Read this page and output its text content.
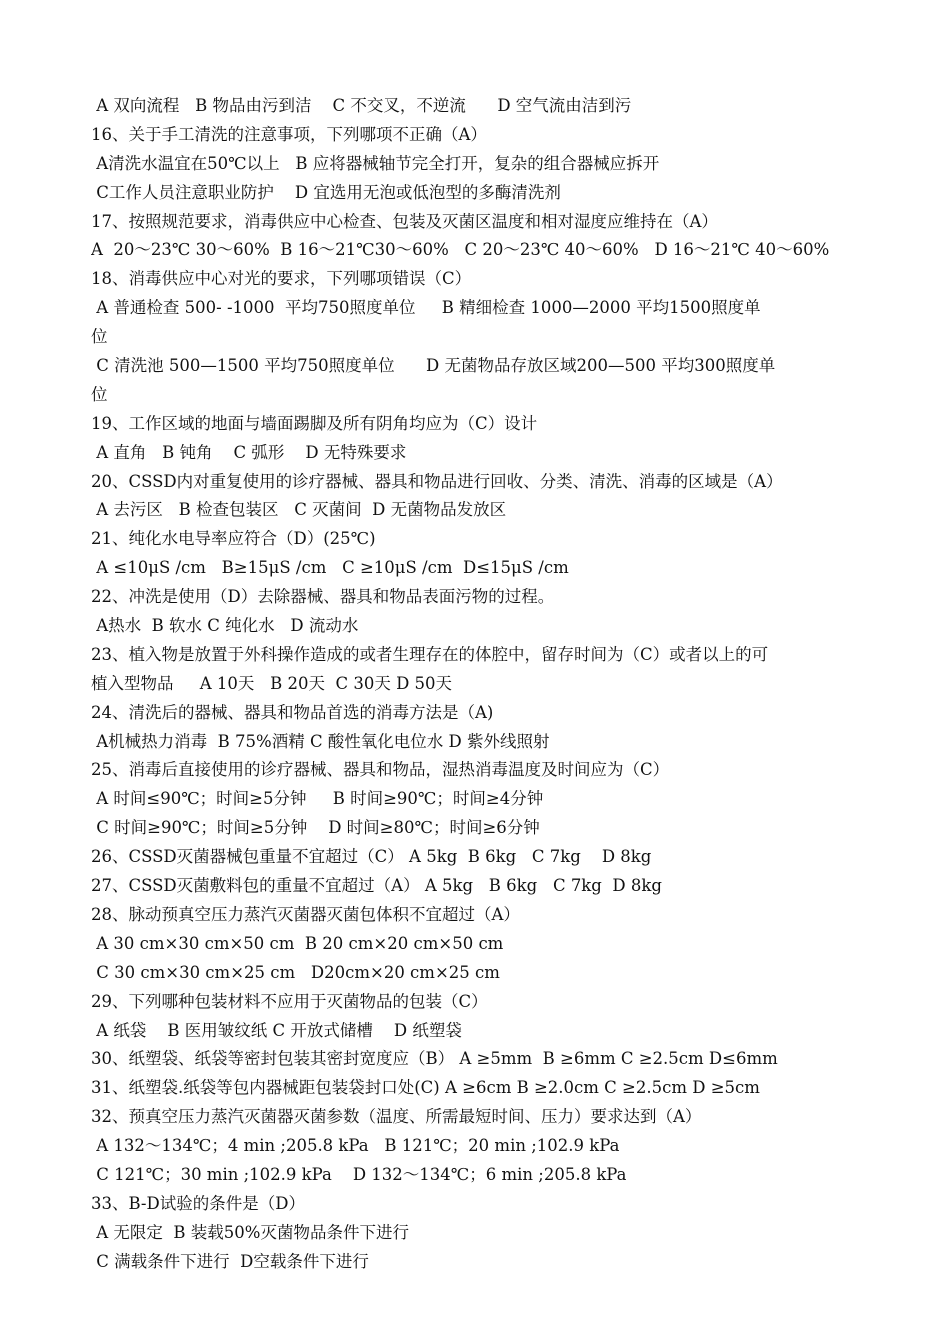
A 双向流程   B 物品由污到洁    C 不交叉，不逆流      D 空气流由洁到污
16、关于手工清洗的注意事项，下列哪项不正确（A）
A清洗水温宜在50℃以上   B 应将器械轴节完全打开，复杂的组合器械应拆开
C工作人员注意职业防护    D 宜选用无泡或低泡型的多酶清洗剂
17、按照规范要求，消毒供应中心检查、包装及灭菌区温度和相对湿度应维持在（A）
A  20～23℃ 30～60%  B 16～21℃30～60%   C 20～23℃ 40～60%   D 16～21℃ 40～60%
18、消毒供应中心对光的要求，下列哪项错误（C）
A 普通检查 500- -1000  平均750照度单位     B 精细检查 1000—2000 平均1500照度单
位
C 清洗池 500—1500 平均750照度单位      D 无菌物品存放区域200—500 平均300照度单
位
19、工作区域的地面与墙面踢脚及所有阴角均应为（C）设计
A 直角   B 钝角    C 弧形    D 无特殊要求
20、CSSD内对重复使用的诊疗器械、器具和物品进行回收、分类、清洗、消毒的区域是（A）
A 去污区   B 检查包装区   C 灭菌间  D 无菌物品发放区
21、纯化水电导率应符合（D）(25℃)
A ≤10μS /cm   B≥15μS /cm   C ≥10μS /cm  D≤15μS /cm
22、冲洗是使用（D）去除器械、器具和物品表面污物的过程。
A热水  B 软水 C 纯化水   D 流动水
23、植入物是放置于外科操作造成的或者生理存在的体腔中，留存时间为（C）或者以上的可
植入型物品     A 10天   B 20天  C 30天 D 50天
24、清洗后的器械、器具和物品首选的消毒方法是（A)
A机械热力消毒  B 75%酒精 C 酸性氧化电位水 D 紫外线照射
25、消毒后直接使用的诊疗器械、器具和物品，湿热消毒温度及时间应为（C）
A 时间≤90℃；时间≥5分钟     B 时间≥90℃；时间≥4分钟
C 时间≥90℃；时间≥5分钟    D 时间≥80℃；时间≥6分钟
26、CSSD灭菌器械包重量不宜超过（C） A 5kg  B 6kg   C 7kg    D 8kg
27、CSSD灭菌敷料包的重量不宜超过（A） A 5kg   B 6kg   C 7kg  D 8kg
28、脉动预真空压力蒸汽灭菌器灭菌包体积不宜超过（A）
A 30 cm×30 cm×50 cm  B 20 cm×20 cm×50 cm
C 30 cm×30 cm×25 cm   D20cm×20 cm×25 cm
29、下列哪种包装材料不应用于灭菌物品的包装（C）
A 纸袋    B 医用皱纹纸 C 开放式储槽    D 纸塑袋
30、纸塑袋、纸袋等密封包装其密封宽度应（B） A ≥5mm  B ≥6mm C ≥2.5cm D≤6mm
31、纸塑袋.纸袋等包内器械距包装袋封口处(C) A ≥6cm B ≥2.0cm C ≥2.5cm D ≥5cm
32、预真空压力蒸汽灭菌器灭菌参数（温度、所需最短时间、压力）要求达到（A）
A 132～134℃；4 min ;205.8 kPa   B 121℃；20 min ;102.9 kPa
C 121℃；30 min ;102.9 kPa    D 132～134℃；6 min ;205.8 kPa
33、B-D试验的条件是（D）
A 无限定  B 装载50%灭菌物品条件下进行
C 满载条件下进行  D空载条件下进行
